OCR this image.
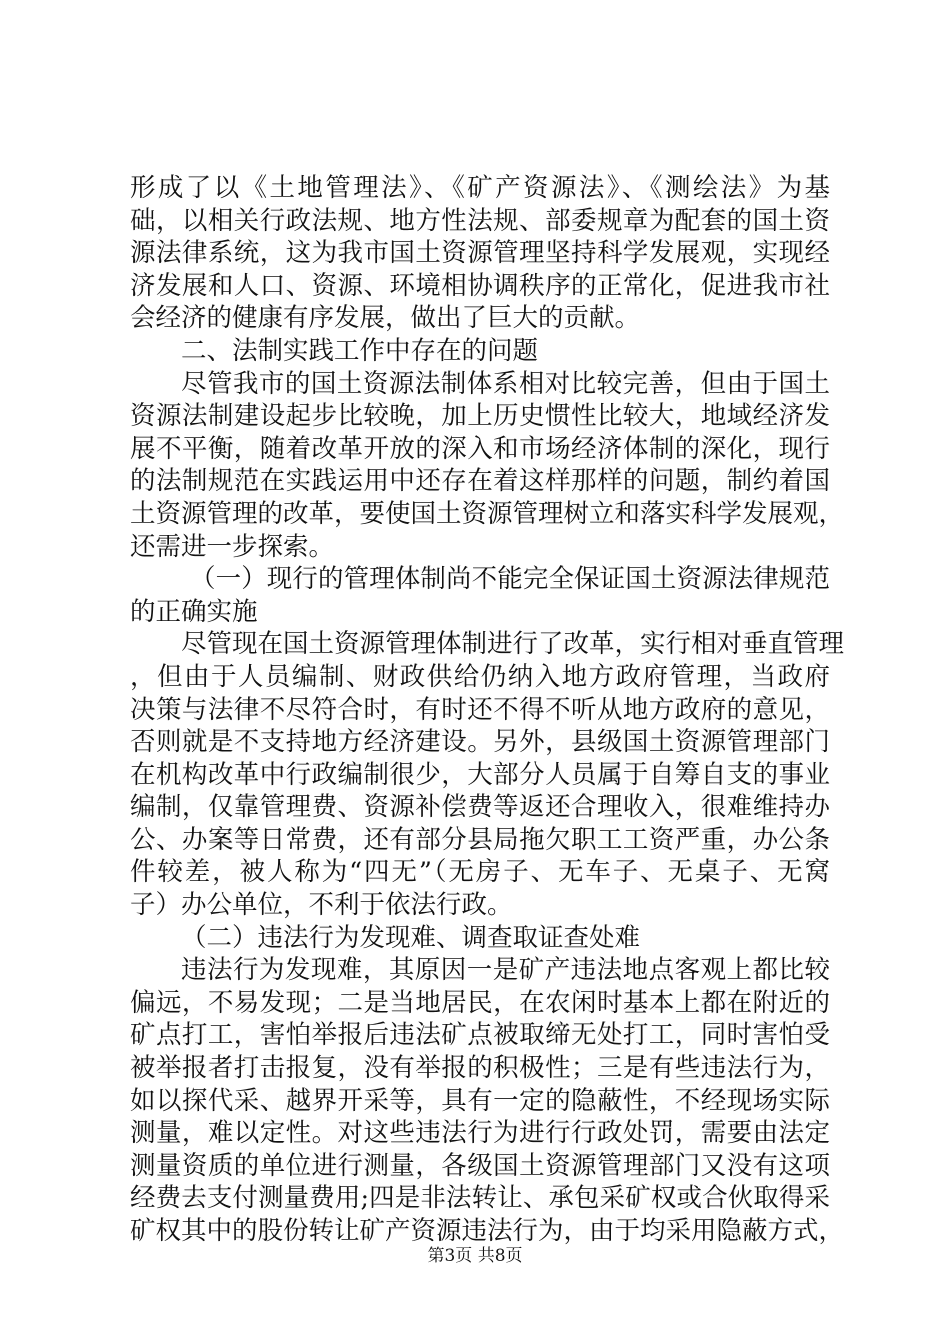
形成了以《土地管理法》、《矿产资源法》、《测绘法》为基
础，以相关行政法规、地方性法规、部委规章为配套的国土资
源法律系统，这为我市国土资源管理坚持科学发展观，实现经
济发展和人口、资源、环境相协调秩序的正常化，促进我市社
会经济的健康有序发展，做出了巨大的贡献。
二、法制实践工作中存在的问题
尽管我市的国土资源法制体系相对比较完善，但由于国土
资源法制建设起步比较晚，加上历史惯性比较大，地域经济发
展不平衡，随着改革开放的深入和市场经济体制的深化，现行
的法制规范在实践运用中还存在着这样那样的问题，制约着国
土资源管理的改革，要使国土资源管理树立和落实科学发展观，
还需进一步探索。
（一）现行的管理体制尚不能完全保证国土资源法律规范
的正确实施
尽管现在国土资源管理体制进行了改革，实行相对垂直管理
，但由于人员编制、财政供给仍纳入地方政府管理，当政府
决策与法律不尽符合时，有时还不得不听从地方政府的意见，
否则就是不支持地方经济建设。另外，县级国土资源管理部门
在机构改革中行政编制很少，大部分人员属于自筹自支的事业
编制，仅靠管理费、资源补偿费等返还合理收入，很难维持办
公、办案等日常费，还有部分县局拖欠职工工资严重，办公条
件较差，被人称为“四无”（无房子、无车子、无桌子、无窝
子）办公单位，不利于依法行政。
（二）违法行为发现难、调查取证查处难
违法行为发现难，其原因一是矿产违法地点客观上都比较
偏远，不易发现；二是当地居民，在农闲时基本上都在附近的
矿点打工，害怕举报后违法矿点被取缔无处打工，同时害怕受
被举报者打击报复，没有举报的积极性；三是有些违法行为，
如以探代采、越界开采等，具有一定的隐蔽性，不经现场实际
测量，难以定性。对这些违法行为进行行政处罚，需要由法定
测量资质的单位进行测量，各级国土资源管理部门又没有这项
经费去支付测量费用;四是非法转让、承包采矿权或合伙取得采
矿权其中的股份转让矿产资源违法行为，由于均采用隐蔽方式，
第3页 共8页
